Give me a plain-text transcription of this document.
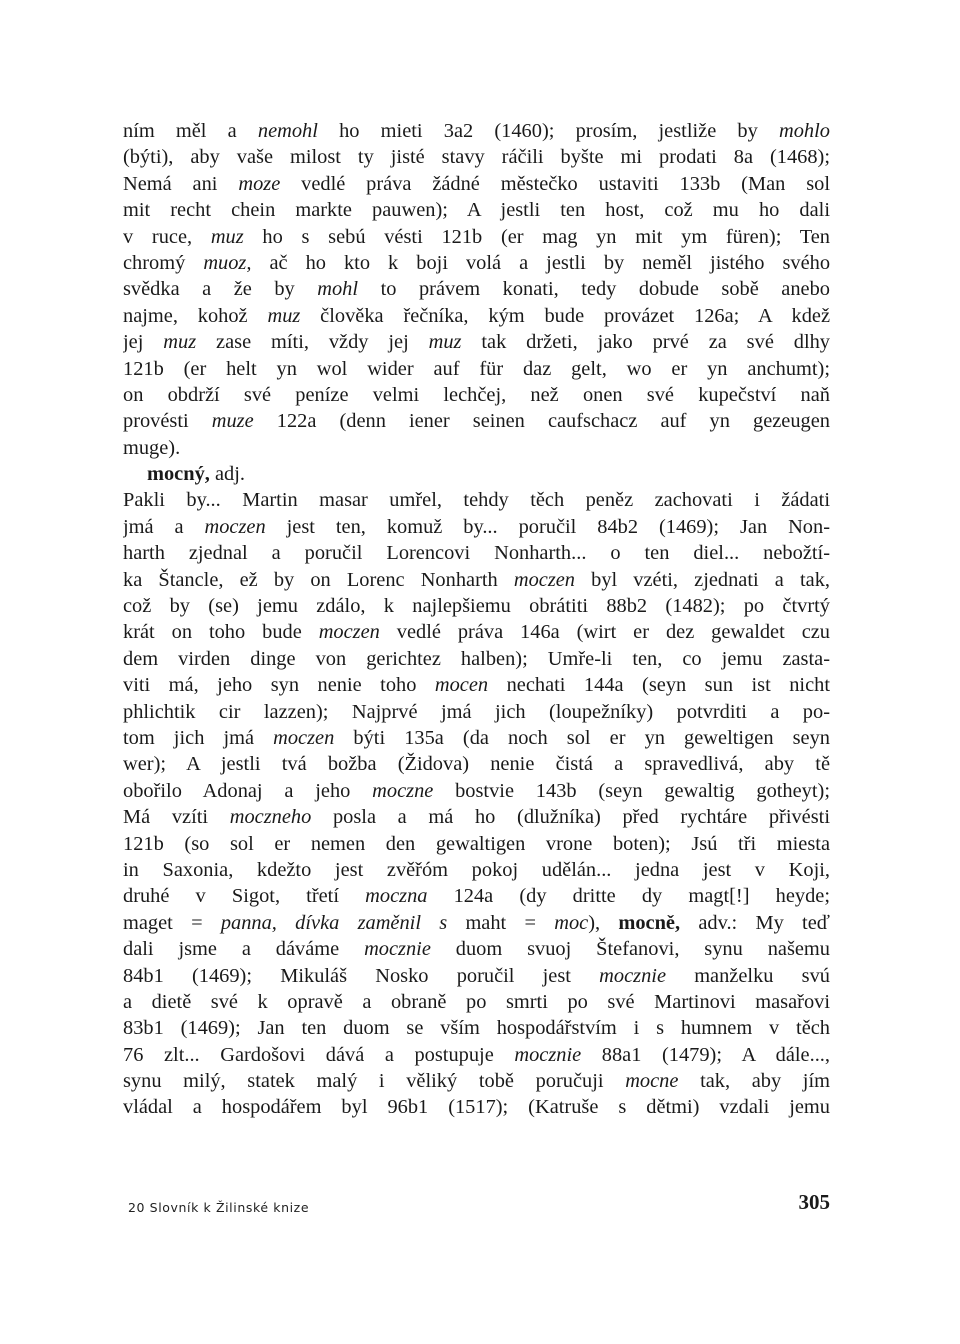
ním měl a nemohl ho mieti 3a2 (1460); prosím, jestliže by mohlo
(býti), aby vaše milost ty jisté stavy ráčili byšte mi prodati 8a (1468);
Nemá ani moze vedlé práva žádné městečko ustaviti 133b (Man sol
mit recht chein markte pauwen); A jestli ten host, což mu ho dali
v ruce, muz ho s sebú vésti 121b (er mag yn mit ym füren); Ten
chromý muoz, ač ho kto k boji volá a jestli by neměl jistého svého
svědka a že by mohl to právem konati, tedy dobude sobě anebo
najme, kohož muz člověka řečníka, kým bude provázet 126a; A kdež
jej muz zase míti, vždy jej muz tak držeti, jako prvé za své dlhy
121b (er helt yn wol wider auf für daz gelt, wo er yn anchumt);
on obdrží své peníze velmi lechčej, než onen své kupečství naň
provésti muze 122a (denn iener seinen caufschacz auf yn gezeugen
muge).
mocný, adj.
Pakli by... Martin masar umřel, tehdy těch peněz zachovati i žádati
jmá a moczen jest ten, komuž by... poručil 84b2 (1469); Jan Non-
harth zjednal a poručil Lorencovi Nonharth... o ten diel... nebožtí-
ka Štancle, ež by on Lorenc Nonharth moczen byl vzéti, zjednati a tak,
což by (se) jemu zdálo, k najlepšiemu obrátiti 88b2 (1482); po čtvrtý
krát on toho bude moczen vedlé práva 146a (wirt er dez gewaldet czu
dem virden dinge von gerichtez halben); Umře-li ten, co jemu zasta-
viti má, jeho syn nenie toho mocen nechati 144a (seyn sun ist nicht
phlichtik cir lazzen); Najprvé jmá jich (loupežníky) potvrditi a po-
tom jich jmá moczen býti 135a (da noch sol er yn geweltigen seyn
wer); A jestli tvá božba (Židova) nenie čistá a spravedlivá, aby tě
obořilo Adonaj a jeho moczne bostvie 143b (seyn gewaltig gotheyt);
Má vzíti moczneho posla a má ho (dlužníka) před rychtáre přivésti
121b (so sol er nemen den gewaltigen vrone boten); Jsú tři miesta
in Saxonia, kdežto jest zvěřóm pokoj udělán... jedna jest v Koji,
druhé v Sigot, třetí moczna 124a (dy dritte dy magt[!] heyde;
maget = panna, dívka zaměnil s maht = moc), mocně, adv.: My teď
dali jsme a dáváme mocznie duom svuoj Štefanovi, synu našemu
84b1 (1469); Mikuláš Nosko poručil jest mocznie manželku svú
a dietě své k opravě a obraně po smrti po své Martinovi masařovi
83b1 (1469); Jan ten duom se vším hospodářstvím i s humnem v těch
76 zlt... Gardošovi dává a postupuje mocznie 88a1 (1479); A dále...,
synu milý, statek malý i věliký tobě poručuji mocne tak, aby jím
vládal a hospodářem byl 96b1 (1517); (Katruše s dětmi) vzdali jemu
20 Slovník k Žilinské knize	305
